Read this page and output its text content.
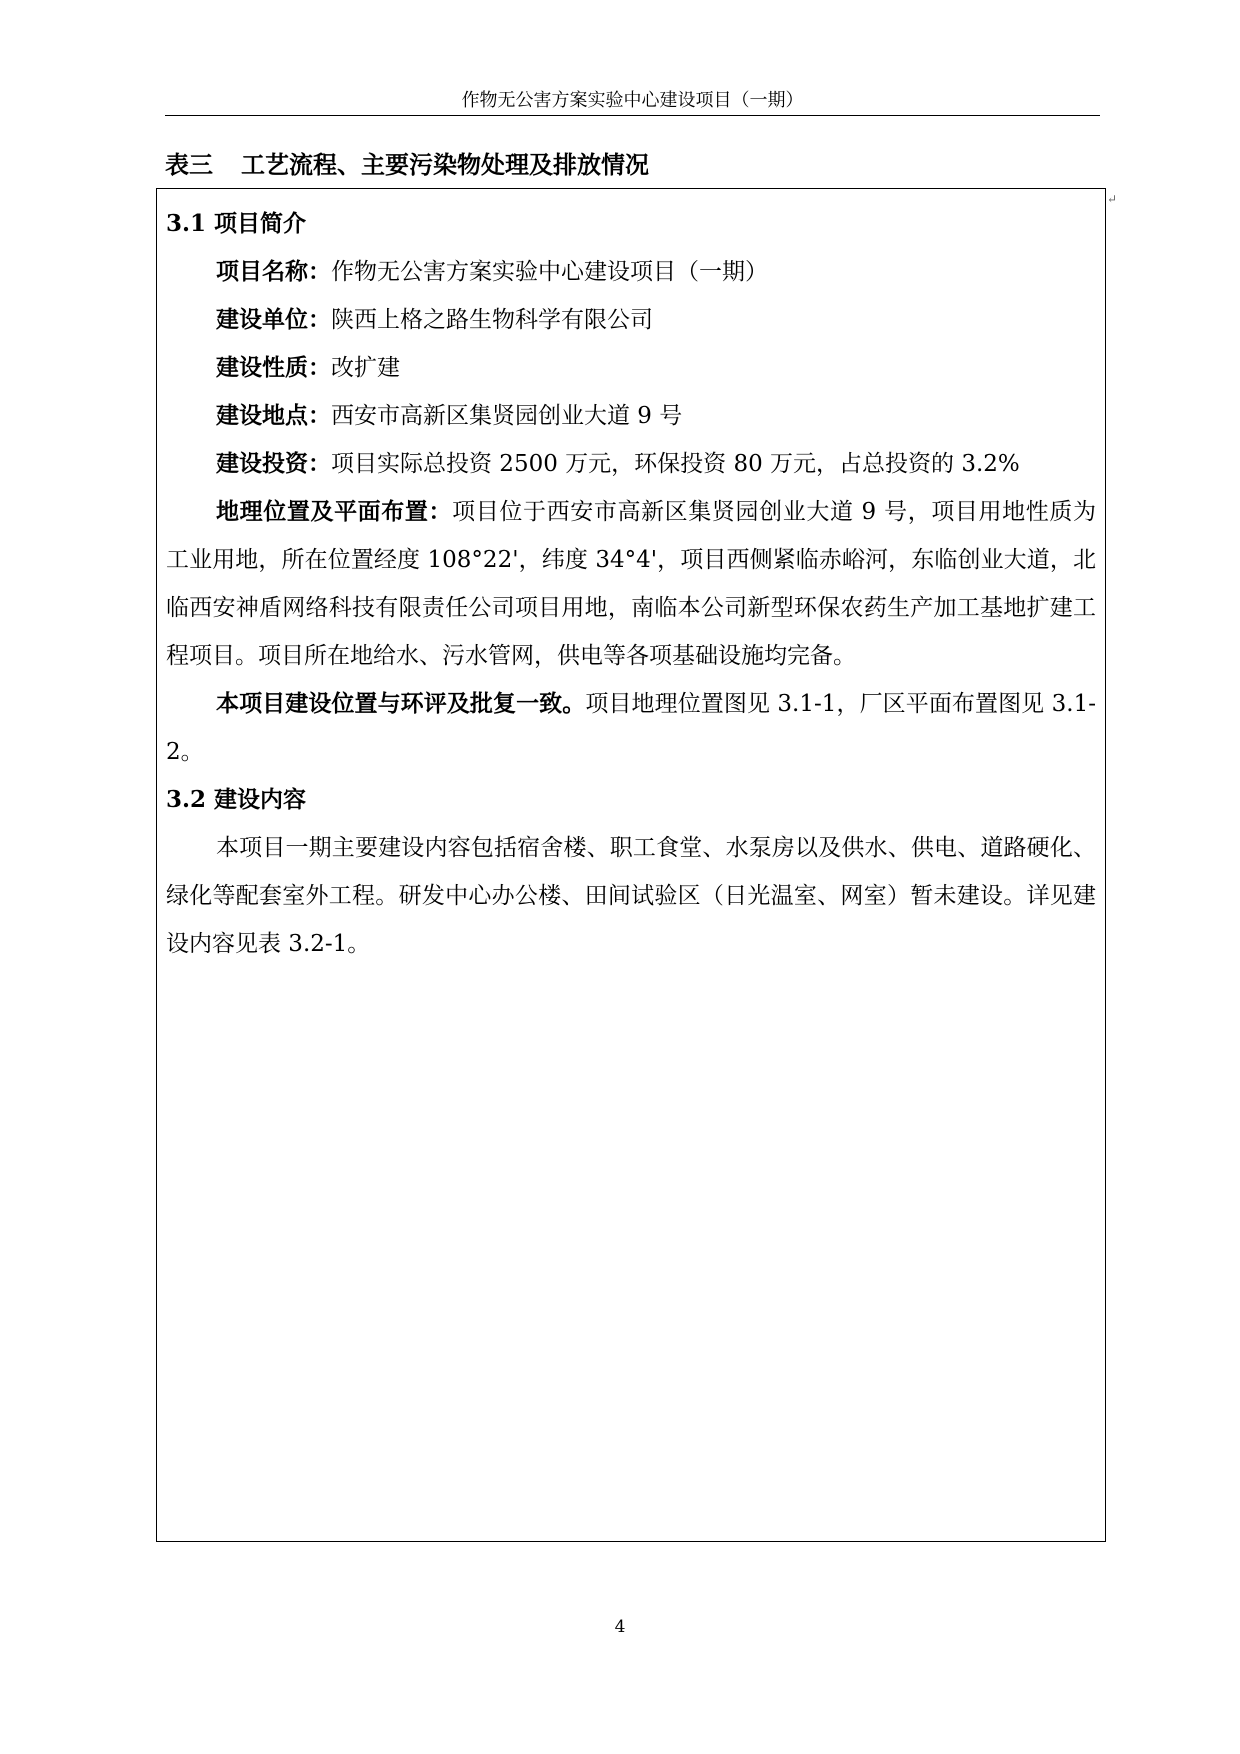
作物无公害方案实验中心建设项目（一期）
表三 工艺流程、主要污染物处理及排放情况
↵

3.1 项目简介

项目名称：作物无公害方案实验中心建设项目（一期）

建设单位：陕西上格之路生物科学有限公司

建设性质：改扩建

建设地点：西安市高新区集贤园创业大道 9 号

建设投资：项目实际总投资 2500 万元，环保投资 80 万元，占总投资的 3.2%

地理位置及平面布置：项目位于西安市高新区集贤园创业大道 9 号，项目用地性质为工业用地，所在位置经度 108°22'，纬度 34°4'，项目西侧紧临赤峪河，东临创业大道，北临西安神盾网络科技有限责任公司项目用地，南临本公司新型环保农药生产加工基地扩建工程项目。项目所在地给水、污水管网，供电等各项基础设施均完备。

本项目建设位置与环评及批复一致。项目地理位置图见 3.1-1，厂区平面布置图见 3.1-2。

3.2 建设内容

本项目一期主要建设内容包括宿舍楼、职工食堂、水泵房以及供水、供电、道路硬化、绿化等配套室外工程。研发中心办公楼、田间试验区（日光温室、网室）暂未建设。详见建设内容见表 3.2-1。

4
